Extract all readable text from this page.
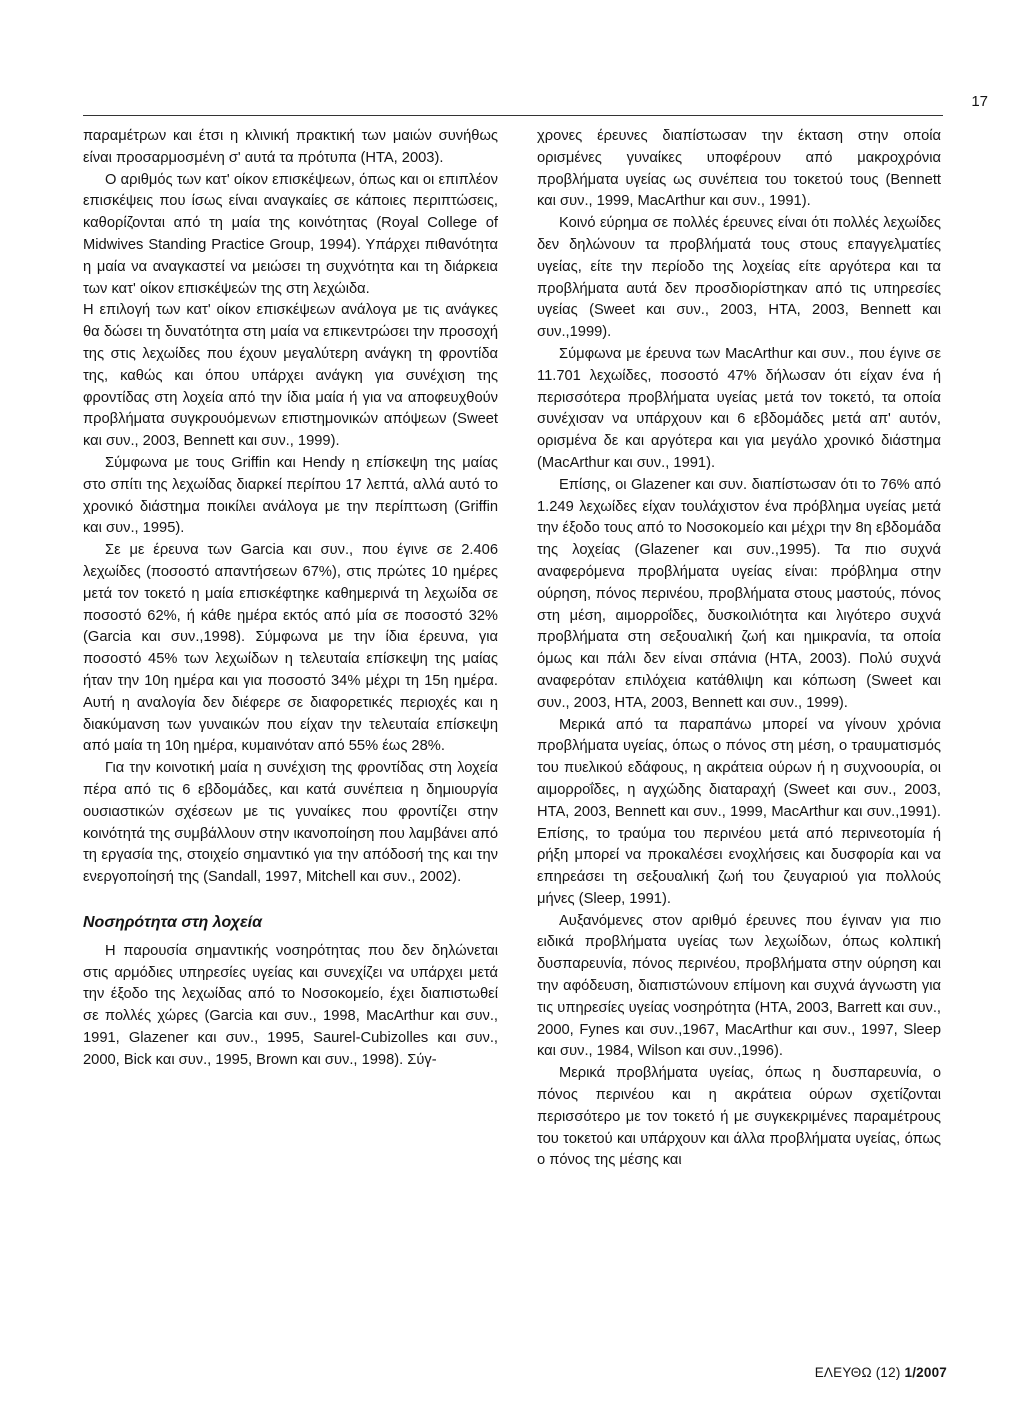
17

παραμέτρων και έτσι η κλινική πρακτική των μαιών συνήθως είναι προσαρμοσμένη σ' αυτά τα πρότυπα (ΗΤΑ, 2003).

Ο αριθμός των κατ' οίκον επισκέψεων, όπως και οι επιπλέον επισκέψεις που ίσως είναι αναγκαίες σε κάποιες περιπτώσεις, καθορίζονται από τη μαία της κοινότητας (Royal College of Midwives Standing Practice Group, 1994). Υπάρχει πιθανότητα η μαία να αναγκαστεί να μειώσει τη συχνότητα και τη διάρκεια των κατ' οίκον επισκέψεών της στη λεχώιδα.

Η επιλογή των κατ' οίκον επισκέψεων ανάλογα με τις ανάγκες θα δώσει τη δυνατότητα στη μαία να επικεντρώσει την προσοχή της στις λεχωίδες που έχουν μεγαλύτερη ανάγκη τη φροντίδα της, καθώς και όπου υπάρχει ανάγκη για συνέχιση της φροντίδας στη λοχεία από την ίδια μαία ή για να αποφευχθούν προβλήματα συγκρουόμενων επιστημονικών απόψεων (Sweet και συν., 2003, Bennett και συν., 1999).

Σύμφωνα με τους Griffin και Hendy η επίσκεψη της μαίας στο σπίτι της λεχωίδας διαρκεί περίπου 17 λεπτά, αλλά αυτό το χρονικό διάστημα ποικίλει ανάλογα με την περίπτωση (Griffin και συν., 1995).

Σε με έρευνα των Garcia και συν., που έγινε σε 2.406 λεχωίδες (ποσοστό απαντήσεων 67%), στις πρώτες 10 ημέρες μετά τον τοκετό η μαία επισκέφτηκε καθημερινά τη λεχωίδα σε ποσοστό 62%, ή κάθε ημέρα εκτός από μία σε ποσοστό 32% (Garcia και συν.,1998). Σύμφωνα με την ίδια έρευνα, για ποσοστό 45% των λεχωίδων η τελευταία επίσκεψη της μαίας ήταν την 10η ημέρα και για ποσοστό 34% μέχρι τη 15η ημέρα. Αυτή η αναλογία δεν διέφερε σε διαφορετικές περιοχές και η διακύμανση των γυναικών που είχαν την τελευταία επίσκεψη από μαία τη 10η ημέρα, κυμαινόταν από 55% έως 28%.

Για την κοινοτική μαία η συνέχιση της φροντίδας στη λοχεία πέρα από τις 6 εβδομάδες, και κατά συνέπεια η δημιουργία ουσιαστικών σχέσεων με τις γυναίκες που φροντίζει στην κοινότητά της συμβάλλουν στην ικανοποίηση που λαμβάνει από τη εργασία της, στοιχείο σημαντικό για την απόδοσή της και την ενεργοποίησή της (Sandall, 1997, Mitchell και συν., 2002).

Νοσηρότητα στη λοχεία

Η παρουσία σημαντικής νοσηρότητας που δεν δηλώνεται στις αρμόδιες υπηρεσίες υγείας και συνεχίζει να υπάρχει μετά την έξοδο της λεχωίδας από το Νοσοκομείο, έχει διαπιστωθεί σε πολλές χώρες (Garcia και συν., 1998, MacArthur και συν., 1991, Glazener και συν., 1995, Saurel-Cubizolles και συν., 2000, Bick και συν., 1995, Brown και συν., 1998). Σύγ-

χρονες έρευνες διαπίστωσαν την έκταση στην οποία ορισμένες γυναίκες υποφέρουν από μακροχρόνια προβλήματα υγείας ως συνέπεια του τοκετού τους (Bennett και συν., 1999, MacArthur και συν., 1991).

Κοινό εύρημα σε πολλές έρευνες είναι ότι πολλές λεχωίδες δεν δηλώνουν τα προβλήματά τους στους επαγγελματίες υγείας, είτε την περίοδο της λοχείας είτε αργότερα και τα προβλήματα αυτά δεν προσδιορίστηκαν από τις υπηρεσίες υγείας (Sweet και συν., 2003, HTA, 2003, Bennett και συν.,1999).

Σύμφωνα με έρευνα των MacArthur και συν., που έγινε σε 11.701 λεχωίδες, ποσοστό 47% δήλωσαν ότι είχαν ένα ή περισσότερα προβλήματα υγείας μετά τον τοκετό, τα οποία συνέχισαν να υπάρχουν και 6 εβδομάδες μετά απ' αυτόν, ορισμένα δε και αργότερα και για μεγάλο χρονικό διάστημα (MacArthur και συν., 1991).

Επίσης, οι Glazener και συν. διαπίστωσαν ότι το 76% από 1.249 λεχωίδες είχαν τουλάχιστον ένα πρόβλημα υγείας μετά την έξοδο τους από το Νοσοκομείο και μέχρι την 8η εβδομάδα της λοχείας (Glazener και συν.,1995). Τα πιο συχνά αναφερόμενα προβλήματα υγείας είναι: πρόβλημα στην ούρηση, πόνος περινέου, προβλήματα στους μαστούς, πόνος στη μέση, αιμορροΐδες, δυσκοιλιότητα και λιγότερο συχνά προβλήματα στη σεξουαλική ζωή και ημικρανία, τα οποία όμως και πάλι δεν είναι σπάνια (ΗΤΑ, 2003). Πολύ συχνά αναφερόταν επιλόχεια κατάθλιψη και κόπωση (Sweet και συν., 2003, HTA, 2003, Bennett και συν., 1999).

Μερικά από τα παραπάνω μπορεί να γίνουν χρόνια προβλήματα υγείας, όπως ο πόνος στη μέση, ο τραυματισμός του πυελικού εδάφους, η ακράτεια ούρων ή η συχνοουρία, οι αιμορροΐδες, η αγχώδης διαταραχή (Sweet και συν., 2003, HTA, 2003, Bennett και συν., 1999, MacArthur και συν.,1991). Επίσης, το τραύμα του περινέου μετά από περινεοτομία ή ρήξη μπορεί να προκαλέσει ενοχλήσεις και δυσφορία και να επηρεάσει τη σεξουαλική ζωή του ζευγαριού για πολλούς μήνες (Sleep, 1991).

Αυξανόμενες στον αριθμό έρευνες που έγιναν για πιο ειδικά προβλήματα υγείας των λεχωίδων, όπως κολπική δυσπαρευνία, πόνος περινέου, προβλήματα στην ούρηση και την αφόδευση, διαπιστώνουν επίμονη και συχνά άγνωστη για τις υπηρεσίες υγείας νοσηρότητα (ΗΤΑ, 2003, Barrett και συν., 2000, Fynes και συν.,1967, MacArthur και συν., 1997, Sleep και συν., 1984, Wilson και συν.,1996).

Μερικά προβλήματα υγείας, όπως η δυσπαρευνία, ο πόνος περινέου και η ακράτεια ούρων σχετίζονται περισσότερο με τον τοκετό ή με συγκεκριμένες παραμέτρους του τοκετού και υπάρχουν και άλλα προβλήματα υγείας, όπως ο πόνος της μέσης και

ΕΛΕΥΘΩ (12) 1/2007
